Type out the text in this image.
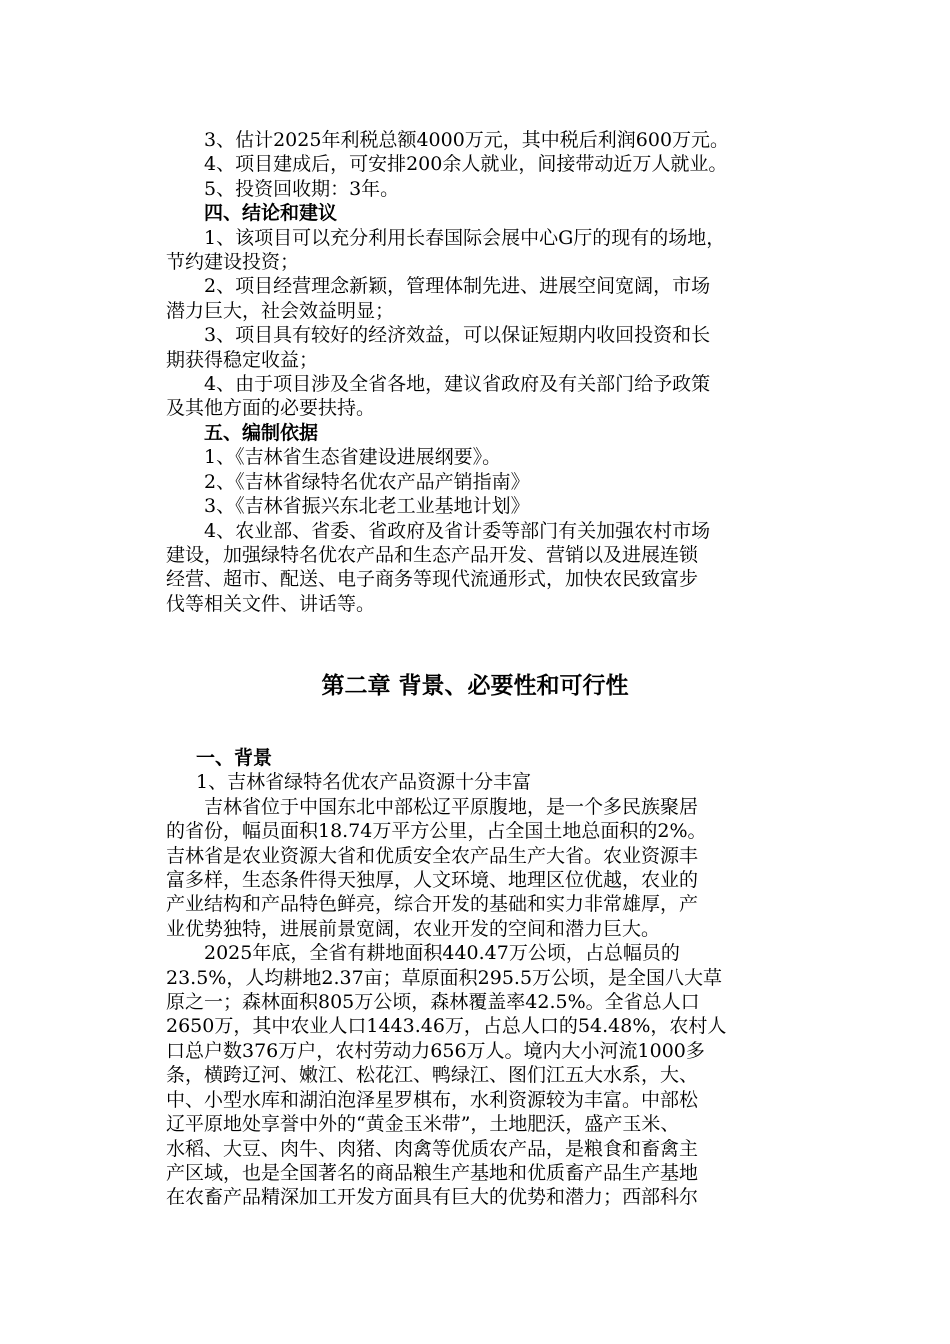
3、估计2025年利税总额4000万元，其中税后利润600万元。

4、项目建成后，可安排200余人就业，间接带动近万人就业。

5、投资回收期：3年。

四、结论和建议

1、该项目可以充分利用长春国际会展中心G厅的现有的场地，

节约建设投资；

2、项目经营理念新颖，管理体制先进、进展空间宽阔，市场

潜力巨大，社会效益明显；

3、项目具有较好的经济效益，可以保证短期内收回投资和长

期获得稳定收益；

4、由于项目涉及全省各地，建议省政府及有关部门给予政策

及其他方面的必要扶持。

五、编制依据

1、《吉林省生态省建设进展纲要》。

2、《吉林省绿特名优农产品产销指南》

3、《吉林省振兴东北老工业基地计划》

4、农业部、省委、省政府及省计委等部门有关加强农村市场

建设，加强绿特名优农产品和生态产品开发、营销以及进展连锁

经营、超市、配送、电子商务等现代流通形式，加快农民致富步

伐等相关文件、讲话等。

第二章 背景、必要性和可行性

一、背景

1、吉林省绿特名优农产品资源十分丰富

吉林省位于中国东北中部松辽平原腹地，是一个多民族聚居

的省份，幅员面积18.74万平方公里，占全国土地总面积的2%。

吉林省是农业资源大省和优质安全农产品生产大省。农业资源丰

富多样，生态条件得天独厚，人文环境、地理区位优越，农业的

产业结构和产品特色鲜亮，综合开发的基础和实力非常雄厚，产

业优势独特，进展前景宽阔，农业开发的空间和潜力巨大。

2025年底，全省有耕地面积440.47万公顷，占总幅员的

23.5%，人均耕地2.37亩；草原面积295.5万公顷，是全国八大草

原之一；森林面积805万公顷，森林覆盖率42.5%。全省总人口

2650万，其中农业人口1443.46万，占总人口的54.48%，农村人

口总户数376万户，农村劳动力656万人。境内大小河流1000多

条，横跨辽河、嫩江、松花江、鸭绿江、图们江五大水系，大、

中、小型水库和湖泊泡泽星罗棋布，水利资源较为丰富。中部松

辽平原地处享誉中外的“黄金玉米带”，土地肥沃，盛产玉米、

水稻、大豆、肉牛、肉猪、肉禽等优质农产品，是粮食和畜禽主

产区域，也是全国著名的商品粮生产基地和优质畜产品生产基地

在农畜产品精深加工开发方面具有巨大的优势和潜力；西部科尔
